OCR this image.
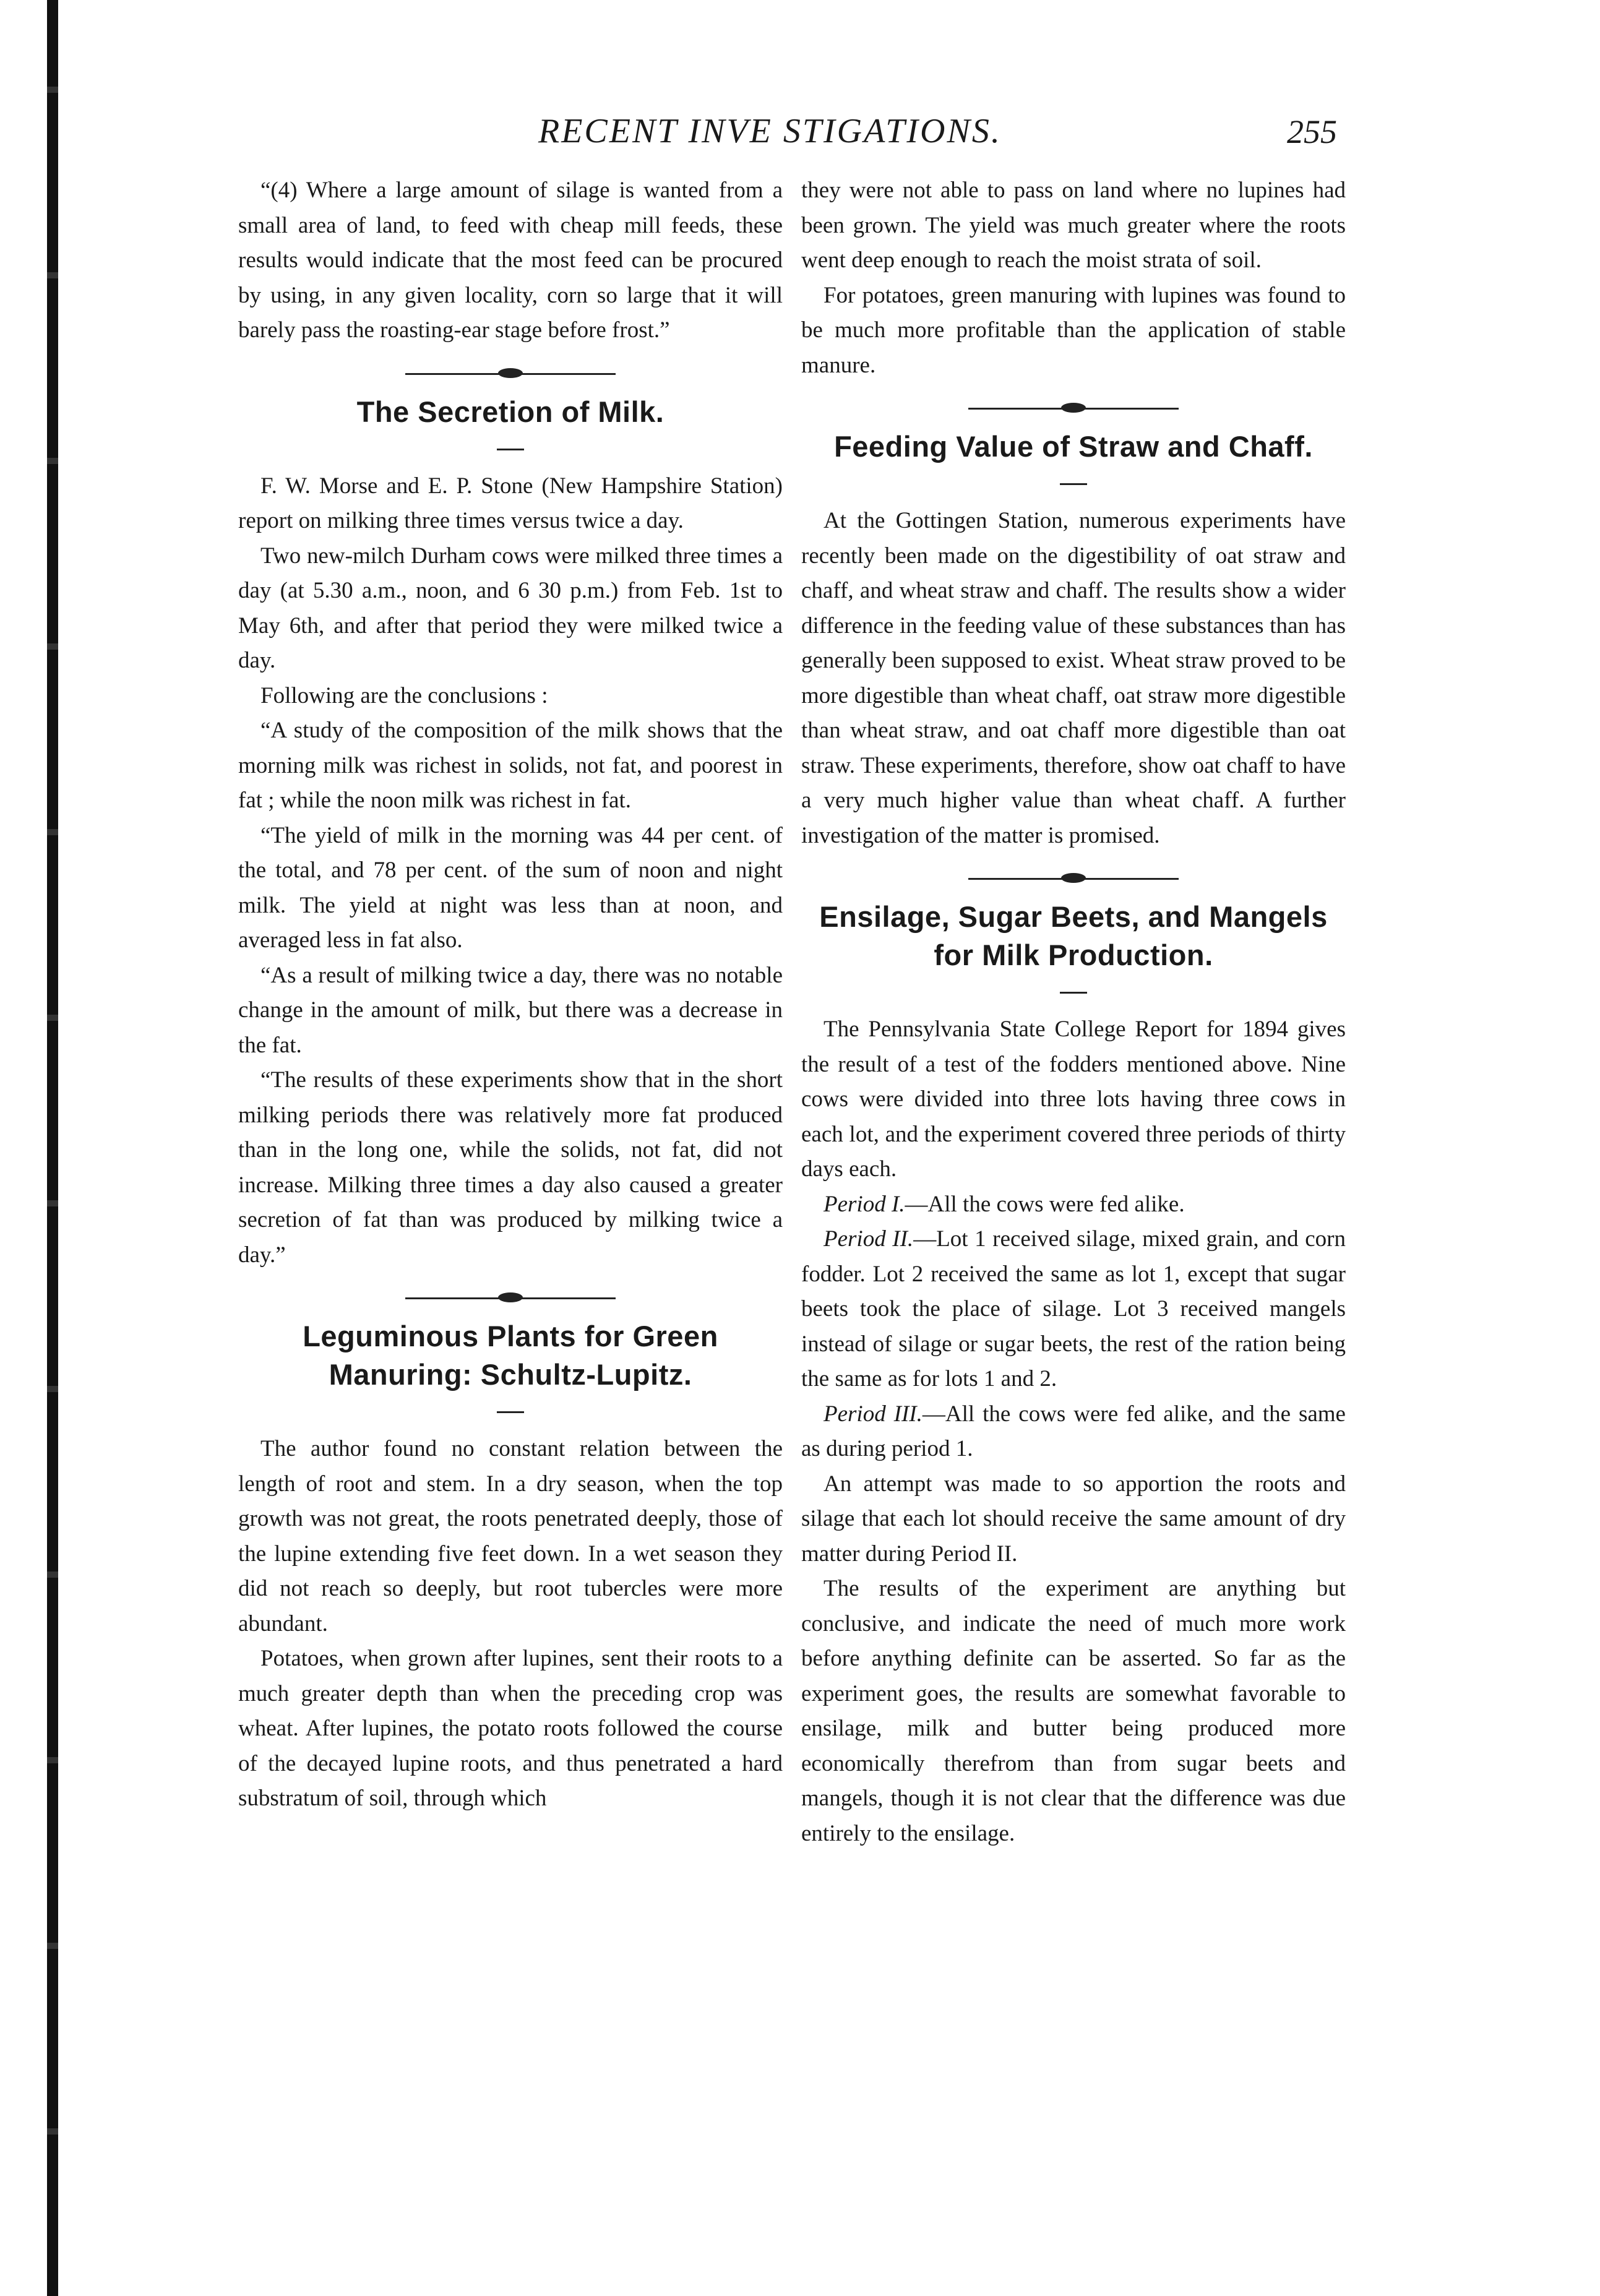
RECENT INVE STIGATIONS.	255

“(4) Where a large amount of silage is wanted from a small area of land, to feed with cheap mill feeds, these results would indicate that the most feed can be procured by using, in any given locality, corn so large that it will barely pass the roasting-ear stage before frost.”

The Secretion of Milk.

F. W. Morse and E. P. Stone (New Hampshire Station) report on milking three times versus twice a day.

Two new-milch Durham cows were milked three times a day (at 5.30 a.m., noon, and 6 30 p.m.) from Feb. 1st to May 6th, and after that period they were milked twice a day.

Following are the conclusions :

“A study of the composition of the milk shows that the morning milk was richest in solids, not fat, and poorest in fat ; while the noon milk was richest in fat.

“The yield of milk in the morning was 44 per cent. of the total, and 78 per cent. of the sum of noon and night milk. The yield at night was less than at noon, and averaged less in fat also.

“As a result of milking twice a day, there was no notable change in the amount of milk, but there was a decrease in the fat.

“The results of these experiments show that in the short milking periods there was relatively more fat produced than in the long one, while the solids, not fat, did not increase. Milking three times a day also caused a greater secretion of fat than was produced by milking twice a day.”

Leguminous Plants for Green Manuring: Schultz-Lupitz.

The author found no constant relation between the length of root and stem. In a dry season, when the top growth was not great, the roots penetrated deeply, those of the lupine extending five feet down. In a wet season they did not reach so deeply, but root tubercles were more abundant.

Potatoes, when grown after lupines, sent their roots to a much greater depth than when the preceding crop was wheat. After lupines, the potato roots followed the course of the decayed lupine roots, and thus penetrated a hard substratum of soil, through which

they were not able to pass on land where no lupines had been grown. The yield was much greater where the roots went deep enough to reach the moist strata of soil.

For potatoes, green manuring with lupines was found to be much more profitable than the application of stable manure.

Feeding Value of Straw and Chaff.

At the Gottingen Station, numerous experiments have recently been made on the digestibility of oat straw and chaff, and wheat straw and chaff. The results show a wider difference in the feeding value of these substances than has generally been supposed to exist. Wheat straw proved to be more digestible than wheat chaff, oat straw more digestible than wheat straw, and oat chaff more digestible than oat straw. These experiments, therefore, show oat chaff to have a very much higher value than wheat chaff. A further investigation of the matter is promised.

Ensilage, Sugar Beets, and Mangels for Milk Production.

The Pennsylvania State College Report for 1894 gives the result of a test of the fodders mentioned above. Nine cows were divided into three lots having three cows in each lot, and the experiment covered three periods of thirty days each.

Period I.—All the cows were fed alike.

Period II.—Lot 1 received silage, mixed grain, and corn fodder. Lot 2 received the same as lot 1, except that sugar beets took the place of silage. Lot 3 received mangels instead of silage or sugar beets, the rest of the ration being the same as for lots 1 and 2.

Period III.—All the cows were fed alike, and the same as during period 1.

An attempt was made to so apportion the roots and silage that each lot should receive the same amount of dry matter during Period II.

The results of the experiment are anything but conclusive, and indicate the need of much more work before anything definite can be asserted. So far as the experiment goes, the results are somewhat favorable to ensilage, milk and butter being produced more economically therefrom than from sugar beets and mangels, though it is not clear that the difference was due entirely to the ensilage.
